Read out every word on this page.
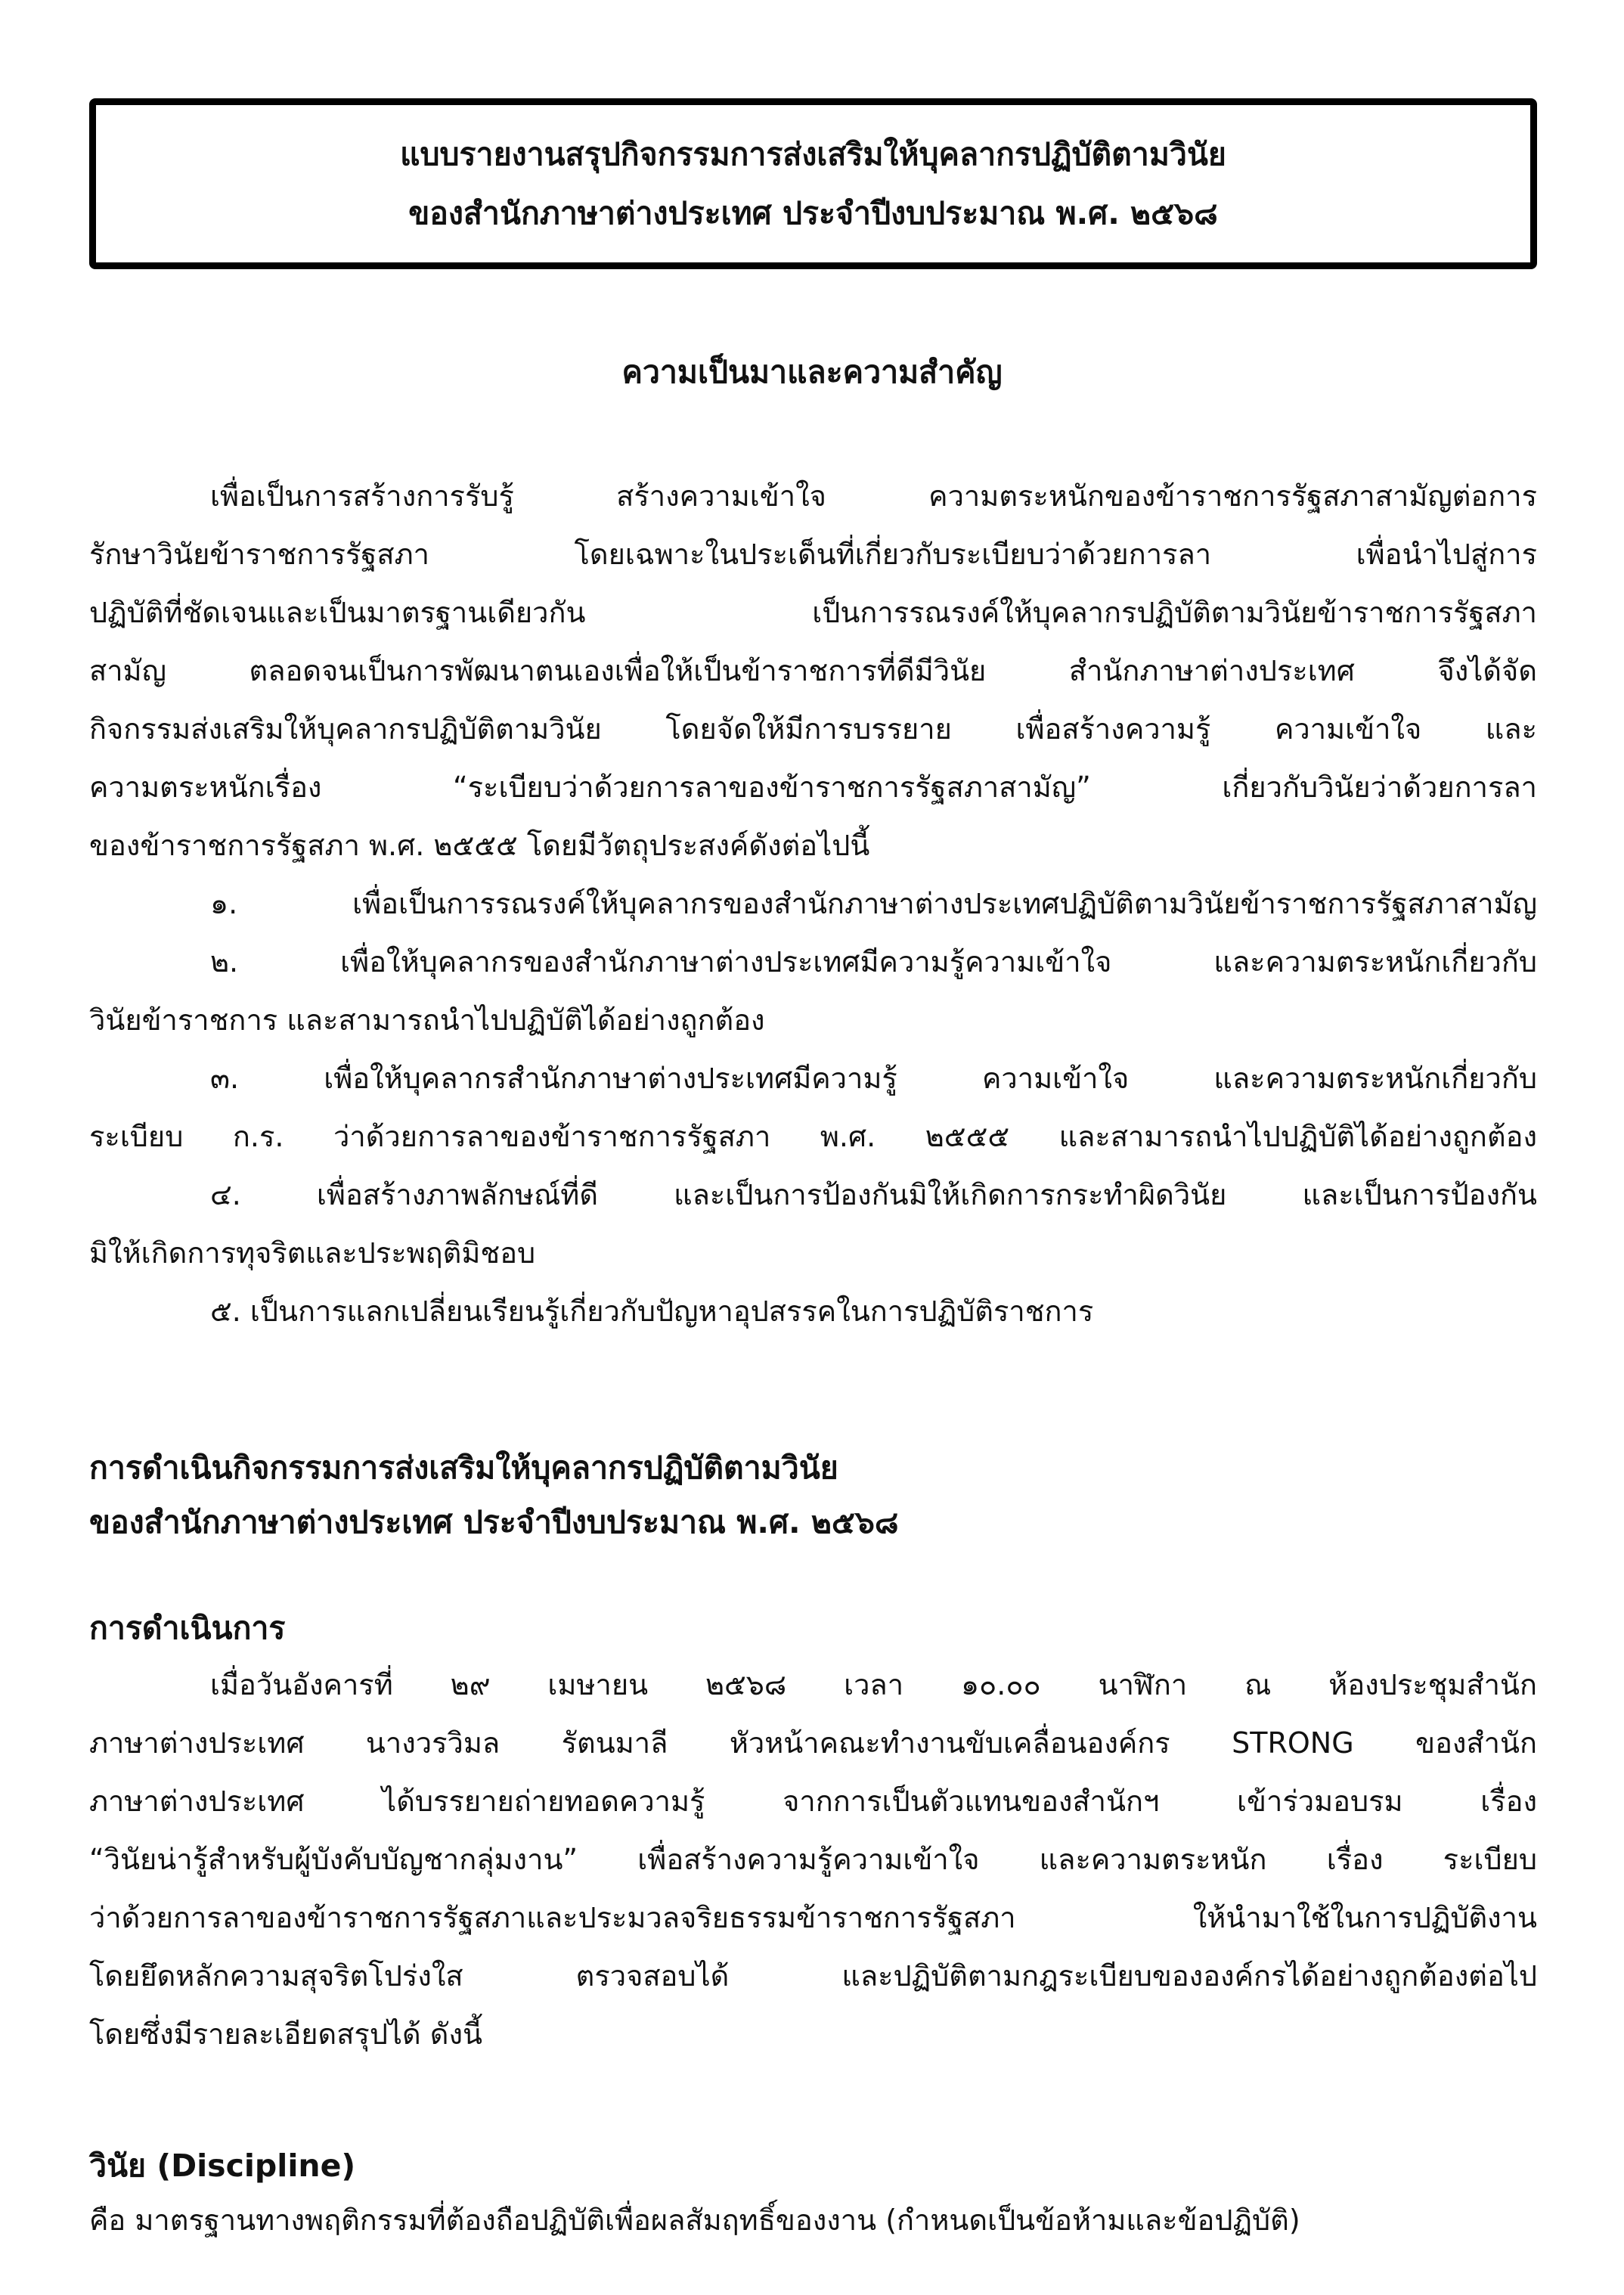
แบบรายงานสรุปกิจกรรมการส่งเสริมให้บุคลากรปฏิบัติตามวินัย
ของสำนักภาษาต่างประเทศ ประจำปีงบประมาณ พ.ศ. ๒๕๖๘
ความเป็นมาและความสำคัญ
เพื่อเป็นการสร้างการรับรู้ สร้างความเข้าใจ ความตระหนักของข้าราชการรัฐสภาสามัญต่อการ
รักษาวินัยข้าราชการรัฐสภา โดยเฉพาะในประเด็นที่เกี่ยวกับระเบียบว่าด้วยการลา เพื่อนำไปสู่การ
ปฏิบัติที่ชัดเจนและเป็นมาตรฐานเดียวกัน เป็นการรณรงค์ให้บุคลากรปฏิบัติตามวินัยข้าราชการรัฐสภา
สามัญ ตลอดจนเป็นการพัฒนาตนเองเพื่อให้เป็นข้าราชการที่ดีมีวินัย สำนักภาษาต่างประเทศ จึงได้จัด
กิจกรรมส่งเสริมให้บุคลากรปฏิบัติตามวินัย โดยจัดให้มีการบรรยาย เพื่อสร้างความรู้ ความเข้าใจ และ
ความตระหนักเรื่อง “ระเบียบว่าด้วยการลาของข้าราชการรัฐสภาสามัญ” เกี่ยวกับวินัยว่าด้วยการลา
ของข้าราชการรัฐสภา พ.ศ. ๒๕๕๕ โดยมีวัตถุประสงค์ดังต่อไปนี้
๑. เพื่อเป็นการรณรงค์ให้บุคลากรของสำนักภาษาต่างประเทศปฏิบัติตามวินัยข้าราชการรัฐสภาสามัญ
๒. เพื่อให้บุคลากรของสำนักภาษาต่างประเทศมีความรู้ความเข้าใจ และความตระหนักเกี่ยวกับ
วินัยข้าราชการ และสามารถนำไปปฏิบัติได้อย่างถูกต้อง
๓. เพื่อให้บุคลากรสำนักภาษาต่างประเทศมีความรู้ ความเข้าใจ และความตระหนักเกี่ยวกับ
ระเบียบ ก.ร. ว่าด้วยการลาของข้าราชการรัฐสภา พ.ศ. ๒๕๕๕ และสามารถนำไปปฏิบัติได้อย่างถูกต้อง
๔. เพื่อสร้างภาพลักษณ์ที่ดี และเป็นการป้องกันมิให้เกิดการกระทำผิดวินัย และเป็นการป้องกัน
มิให้เกิดการทุจริตและประพฤติมิชอบ
๕. เป็นการแลกเปลี่ยนเรียนรู้เกี่ยวกับปัญหาอุปสรรคในการปฏิบัติราชการ
การดำเนินกิจกรรมการส่งเสริมให้บุคลากรปฏิบัติตามวินัย
ของสำนักภาษาต่างประเทศ ประจำปีงบประมาณ พ.ศ. ๒๕๖๘
การดำเนินการ
เมื่อวันอังคารที่ ๒๙ เมษายน ๒๕๖๘ เวลา ๑๐.๐๐ นาฬิกา ณ ห้องประชุมสำนัก
ภาษาต่างประเทศ นางวรวิมล รัตนมาลี หัวหน้าคณะทำงานขับเคลื่อนองค์กร STRONG ของสำนัก
ภาษาต่างประเทศ ได้บรรยายถ่ายทอดความรู้ จากการเป็นตัวแทนของสำนักฯ เข้าร่วมอบรม เรื่อง
“วินัยน่ารู้สำหรับผู้บังคับบัญชากลุ่มงาน” เพื่อสร้างความรู้ความเข้าใจ และความตระหนัก เรื่อง ระเบียบ
ว่าด้วยการลาของข้าราชการรัฐสภาและประมวลจริยธรรมข้าราชการรัฐสภา ให้นำมาใช้ในการปฏิบัติงาน
โดยยึดหลักความสุจริตโปร่งใส ตรวจสอบได้ และปฏิบัติตามกฎระเบียบขององค์กรได้อย่างถูกต้องต่อไป
โดยซึ่งมีรายละเอียดสรุปได้ ดังนี้
วินัย (Discipline)
คือ มาตรฐานทางพฤติกรรมที่ต้องถือปฏิบัติเพื่อผลสัมฤทธิ์ของงาน (กำหนดเป็นข้อห้ามและข้อปฏิบัติ)
